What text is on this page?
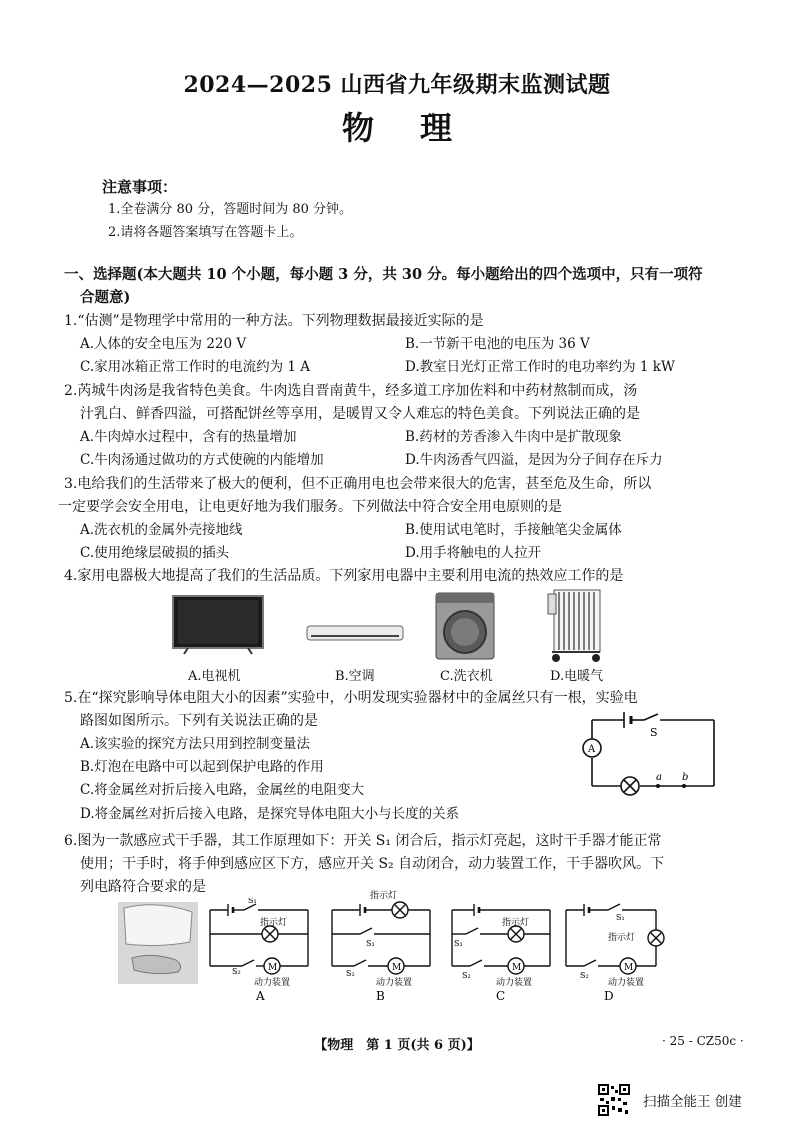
2024—2025 山西省九年级期末监测试题
物理
注意事项：
1.全卷满分 80 分，答题时间为 80 分钟。
2.请将各题答案填写在答题卡上。
一、选择题(本大题共 10 个小题，每小题 3 分，共 30 分。每小题给出的四个选项中，只有一项符
合题意)
1.“估测”是物理学中常用的一种方法。下列物理数据最接近实际的是
A.人体的安全电压为 220 V	B.一节新干电池的电压为 36 V
C.家用冰箱正常工作时的电流约为 1 A	D.教室日光灯正常工作时的电功率约为 1 kW
2.芮城牛肉汤是我省特色美食。牛肉选自晋南黄牛，经多道工序加佐料和中药材熬制而成，汤
汁乳白、鲜香四溢，可搭配饼丝等享用，是暖胃又令人难忘的特色美食。下列说法正确的是
A.牛肉焯水过程中，含有的热量增加	B.药材的芳香渗入牛肉中是扩散现象
C.牛肉汤通过做功的方式使碗的内能增加	D.牛肉汤香气四溢，是因为分子间存在斥力
3.电给我们的生活带来了极大的便利，但不正确用电也会带来很大的危害，甚至危及生命，所以
一定要学会安全用电，让电更好地为我们服务。下列做法中符合安全用电原则的是
A.洗衣机的金属外壳接地线	B.使用试电笔时，手接触笔尖金属体
C.使用绝缘层破损的插头	D.用手将触电的人拉开
4.家用电器极大地提高了我们的生活品质。下列家用电器中主要利用电流的热效应工作的是
A.电视机	B.空调	C.洗衣机	D.电暖气
5.在“探究影响导体电阻大小的因素”实验中，小明发现实验器材中的金属丝只有一根，实验电
路图如图所示。下列有关说法正确的是
A.该实验的探究方法只用到控制变量法
B.灯泡在电路中可以起到保护电路的作用
C.将金属丝对折后接入电路，金属丝的电阻变大
D.将金属丝对折后接入电路，是探究导体电阻大小与长度的关系
S
A
a b
6.图为一款感应式干手器，其工作原理如下：开关 S₁ 闭合后，指示灯亮起，这时干手器才能正常
使用；干手时，将手伸到感应区下方，感应开关 S₂ 自动闭合，动力装置工作，干手器吹风。下
列电路符合要求的是
S₁
指示灯
S₂	M
动力装置
A
指示灯
S₁
S₂
M
动力装置
B
指示灯
S₁
S₂
M
动力装置
C
S₁
指示灯
S₂
M
动力装置
D
【物理　第 1 页(共 6 页)】	· 25 - CZ50c ·
扫描全能王 创建
